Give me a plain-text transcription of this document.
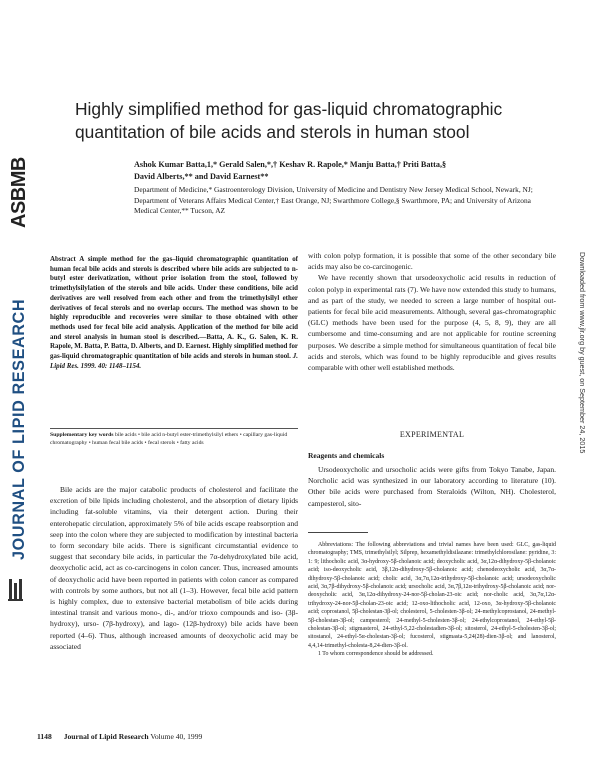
ASBMB
JOURNAL OF LIPID RESEARCH
Highly simplified method for gas-liquid chromatographic quantitation of bile acids and sterols in human stool
Ashok Kumar Batta,1,* Gerald Salen,*,† Keshav R. Rapole,* Manju Batta,† Priti Batta,§
David Alberts,** and David Earnest**
Department of Medicine,* Gastroenterology Division, University of Medicine and Dentistry New Jersey Medical School, Newark, NJ; Department of Veterans Affairs Medical Center,† East Orange, NJ; Swarthmore College,§ Swarthmore, PA; and University of Arizona Medical Center,** Tucson, AZ
Abstract A simple method for the gas–liquid chromatographic quantitation of human fecal bile acids and sterols is described where bile acids are subjected to n-butyl ester derivatization, without prior isolation from the stool, followed by trimethylsilylation of the sterols and bile acids. Under these conditions, bile acid derivatives are well resolved from each other and from the trimethylsilyl ether derivatives of fecal sterols and no overlap occurs. The method was shown to be highly reproducible and recoveries were similar to those obtained with other methods used for fecal bile acid analysis. Application of the method for bile acid and sterol analysis in human stool is described.—Batta, A. K., G. Salen, K. R. Rapole, M. Batta, P. Batta, D. Alberts, and D. Earnest. Highly simplified method for gas-liquid chromatographic quantitation of bile acids and sterols in human stool. J. Lipid Res. 1999. 40: 1148–1154.
Supplementary key words bile acids • bile acid n-butyl ester-trimethylsilyl ethers • capillary gas-liquid chromatography • human fecal bile acids • fecal sterols • fatty acids

Bile acids are the major catabolic products of cholesterol and facilitate the excretion of bile lipids including cholesterol, and the absorption of dietary lipids including fat-soluble vitamins, via their detergent action. During their enterohepatic circulation, approximately 5% of bile acids escape reabsorption and seep into the colon where they are subjected to modification by intestinal bacteria to form secondary bile acids. There is significant circumstantial evidence to suggest that secondary bile acids, in particular the 7α-dehydroxylated bile acid, deoxycholic acid, act as co-carcinogens in colon cancer. Thus, increased amounts of deoxycholic acid have been reported in patients with colon cancer as compared with controls by some authors, but not all (1–3). However, fecal bile acid pattern is highly complex, due to extensive bacterial metabolism of bile acids during intestinal transit and various mono-, di-, and/or trioxo compounds and iso- (3β-hydroxy), urso- (7β-hydroxy), and lago- (12β-hydroxy) bile acids have been reported (4–6). Thus, although increased amounts of deoxycholic acid may be associated

with colon polyp formation, it is possible that some of the other secondary bile acids may also be co-carcinogenic.

We have recently shown that ursodeoxycholic acid results in reduction of colon polyp in experimental rats (7). We have now extended this study to humans, and as part of the study, we needed to screen a large number of hospital out-patients for fecal bile acid measurements. Although, several gas-chromatographic (GLC) methods have been used for the purpose (4, 5, 8, 9), they are all cumbersome and time-consuming and are not applicable for routine screening purposes. We describe a simple method for simultaneous quantitation of fecal bile acids and sterols, which was found to be highly reproducible and gives results comparable with other well established methods.

EXPERIMENTAL
Reagents and chemicals

Ursodeoxycholic and ursocholic acids were gifts from Tokyo Tanabe, Japan. Norcholic acid was synthesized in our laboratory according to literature (10). Other bile acids were purchased from Steraloids (Wilton, NH). Cholesterol, campesterol, sito-

Abbreviations: The following abbreviations and trivial names have been used: GLC, gas-liquid chromatography; TMS, trimethylsilyl; Silprep, hexamethyldisilazane: trimethylchlorosilane: pyridine, 3: 1: 9; lithocholic acid, 3α-hydroxy-5β-cholanoic acid; deoxycholic acid, 3α,12α-dihydroxy-5β-cholanoic acid; iso-deoxycholic acid, 3β,12α-dihydroxy-5β-cholanoic acid; chenodeoxycholic acid, 3α,7α-dihydroxy-5β-cholanoic acid; cholic acid, 3α,7α,12α-trihydroxy-5β-cholanoic acid; ursodeoxycholic acid, 3α,7β-dihydroxy-5β-cholanoic acid; ursocholic acid, 3α,7β,12α-trihydroxy-5β-cholanoic acid; nor-deoxycholic acid, 3α,12α-dihydroxy-24-nor-5β-cholan-23-oic acid; nor-cholic acid, 3α,7α,12α-trihydroxy-24-nor-5β-cholan-23-oic acid; 12-oxo-lithocholic acid, 12-oxo, 3α-hydroxy-5β-cholanoic acid; coprostanol, 5β-cholestan-3β-ol; cholesterol, 5-cholesten-3β-ol; 24-methylcoprostanol, 24-methyl-5β-cholestan-3β-ol; campesterol; 24-methyl-5-cholesten-3β-ol; 24-ethylcoprostanol, 24-ethyl-5β-cholestan-3β-ol; stigmasterol, 24-ethyl-5,22-cholestadien-3β-ol; sitosterol, 24-ethyl-5-cholesten-3β-ol; sitostanol, 24-ethyl-5α-cholestan-3β-ol; fucosterol, stigmasta-5,24(28)-dien-3β-ol; and lanosterol, 4,4,14-trimethyl-cholesta-8,24-dien-3β-ol.

1 To whom correspondence should be addressed.

Downloaded from www.jlr.org by guest, on September 24, 2015
1148 Journal of Lipid Research Volume 40, 1999
